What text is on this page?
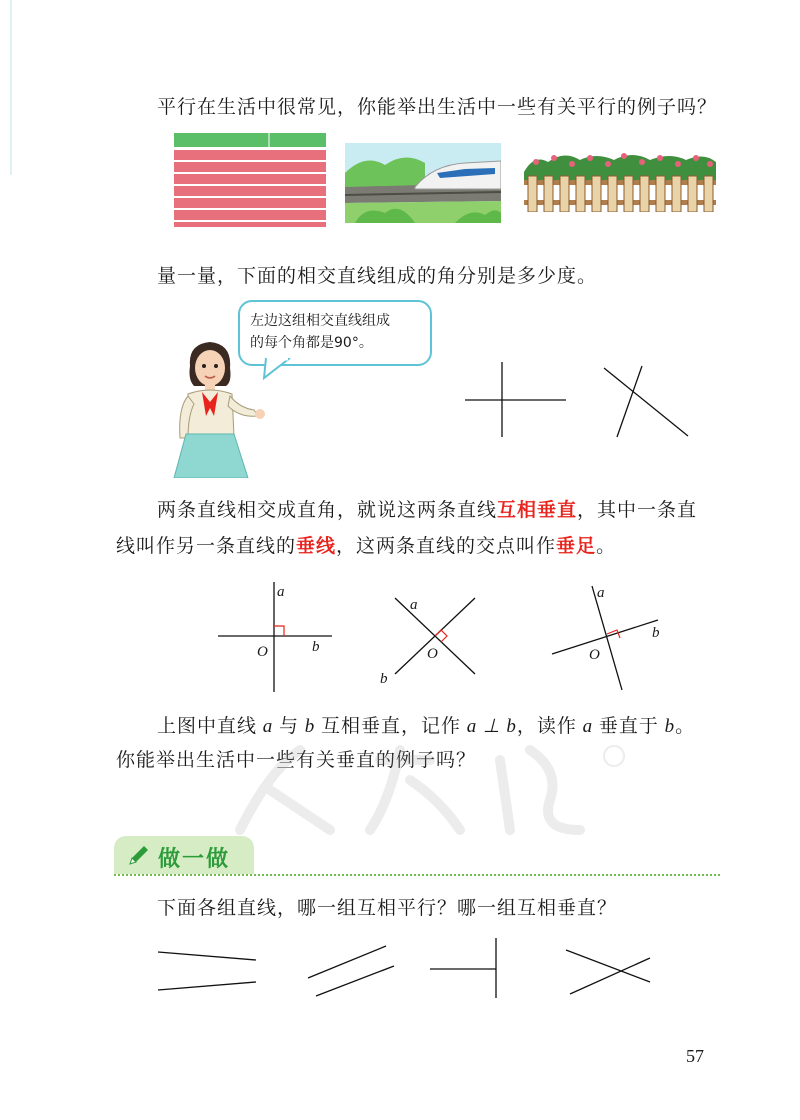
平行在生活中很常见，你能举出生活中一些有关平行的例子吗？
量一量，下面的相交直线组成的角分别是多少度。
左边这组相交直线组成
的每个角都是90°。
两条直线相交成直角，就说这两条直线互相垂直，其中一条直
线叫作另一条直线的垂线，这两条直线的交点叫作垂足。
a
O	b
a
O
b
a
O
b
上图中直线 a 与 b 互相垂直，记作 a ⊥ b，读作 a 垂直于 b。
你能举出生活中一些有关垂直的例子吗？
做一做
下面各组直线，哪一组互相平行？哪一组互相垂直？
57
